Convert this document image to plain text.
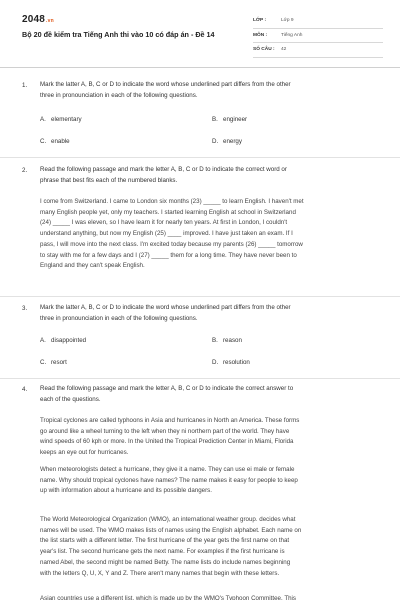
2048.vn
Bộ 20 đề kiểm tra Tiếng Anh thi vào 10 có đáp án - Đề 14
LỚP :	Lớp 9
MÔN :	Tiếng Anh
SỐ CÂU :	42
1. Mark the latter A, B, C or D to indicate the word whose underlined part differs from the other
three in pronounciation in each of the following questions.
A. elementary	B. engineer
C. enable	D. energy
2. Read the following passage and mark the letter A, B, C or D to indicate the correct word or
phrase that best fits each of the numbered blanks.
I come from Switzerland. I came to London six months (23) _____ to learn English. I haven't met
many English people yet, only my teachers. I started learning English at school in Switzerland
(24) _____ I was eleven, so I have learn it for nearly ten years. At first in London, I couldn't
understand anything, but now my English (25) ____ improved. I have just taken an exam. If I
pass, I will move into the next class. I'm excited today because my parents (26) _____ tomorrow
to stay with me for a few days and I (27) _____ them for a long time. They have never been to
England and they can't speak English.
3. Mark the latter A, B, C or D to indicate the word whose underlined part differs from the other
three in pronounciation in each of the following questions.
A. disappointed	B. reason
C. resort	D. resolution
4. Read the following passage and mark the letter A, B, C or D to indicate the correct answer to
each of the questions.
Tropical cyclones are called typhoons in Asia and hurricanes in North an America. These forms
go around like a wheel turning to the left when they ni northern part of the world. They have
wind speeds of 60 kph or more. In the United the Tropical Prediction Center in Miami, Florida
keeps an eye out for hurricanes.
When meteorologists detect a hurricane, they give it a name. They can use ei male or female
name. Why should tropical cyclones have names? The name makes it easy for people to keep
up with information about a hurricane and its possible dangers.
The World Meteorological Organization (WMO), an international weather group. decides what
names will be used. The WMO makes lists of names using the English alphabet. Each name on
the list starts with a different letter. The first hurricane of the year gets the first name on that
year's list. The second hurricane gets the next name. For examples if the first hurricane is
named Abel, the second might be named Betty. The name lists do include names beginning
with the letters Q, U, X, Y and Z. There aren't many names that begin with these letters.
Asian countries use a different list, which is made up by the WMO's Typhoon Committee. This
